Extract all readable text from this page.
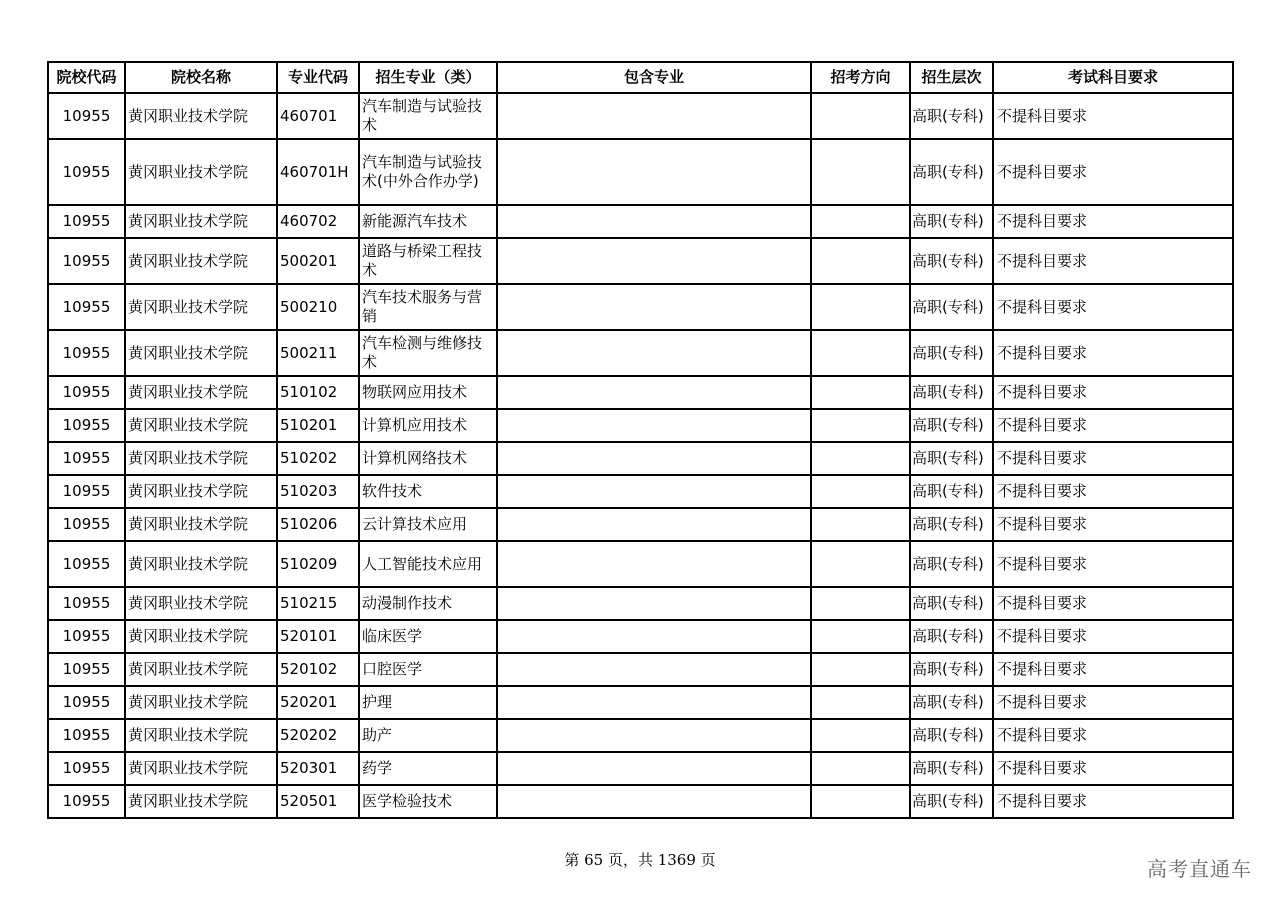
院校代码	院校名称	专业代码	招生专业（类）	包含专业	招考方向	招生层次	考试科目要求
10955	黄冈职业技术学院	460701	汽车制造与试验技术			高职(专科)	不提科目要求
10955	黄冈职业技术学院	460701H	汽车制造与试验技术(中外合作办学)			高职(专科)	不提科目要求
10955	黄冈职业技术学院	460702	新能源汽车技术			高职(专科)	不提科目要求
10955	黄冈职业技术学院	500201	道路与桥梁工程技术			高职(专科)	不提科目要求
10955	黄冈职业技术学院	500210	汽车技术服务与营销			高职(专科)	不提科目要求
10955	黄冈职业技术学院	500211	汽车检测与维修技术			高职(专科)	不提科目要求
10955	黄冈职业技术学院	510102	物联网应用技术			高职(专科)	不提科目要求
10955	黄冈职业技术学院	510201	计算机应用技术			高职(专科)	不提科目要求
10955	黄冈职业技术学院	510202	计算机网络技术			高职(专科)	不提科目要求
10955	黄冈职业技术学院	510203	软件技术			高职(专科)	不提科目要求
10955	黄冈职业技术学院	510206	云计算技术应用			高职(专科)	不提科目要求
10955	黄冈职业技术学院	510209	人工智能技术应用			高职(专科)	不提科目要求
10955	黄冈职业技术学院	510215	动漫制作技术			高职(专科)	不提科目要求
10955	黄冈职业技术学院	520101	临床医学			高职(专科)	不提科目要求
10955	黄冈职业技术学院	520102	口腔医学			高职(专科)	不提科目要求
10955	黄冈职业技术学院	520201	护理			高职(专科)	不提科目要求
10955	黄冈职业技术学院	520202	助产			高职(专科)	不提科目要求
10955	黄冈职业技术学院	520301	药学			高职(专科)	不提科目要求
10955	黄冈职业技术学院	520501	医学检验技术			高职(专科)	不提科目要求
第 65 页，共 1369 页	高考直通车
